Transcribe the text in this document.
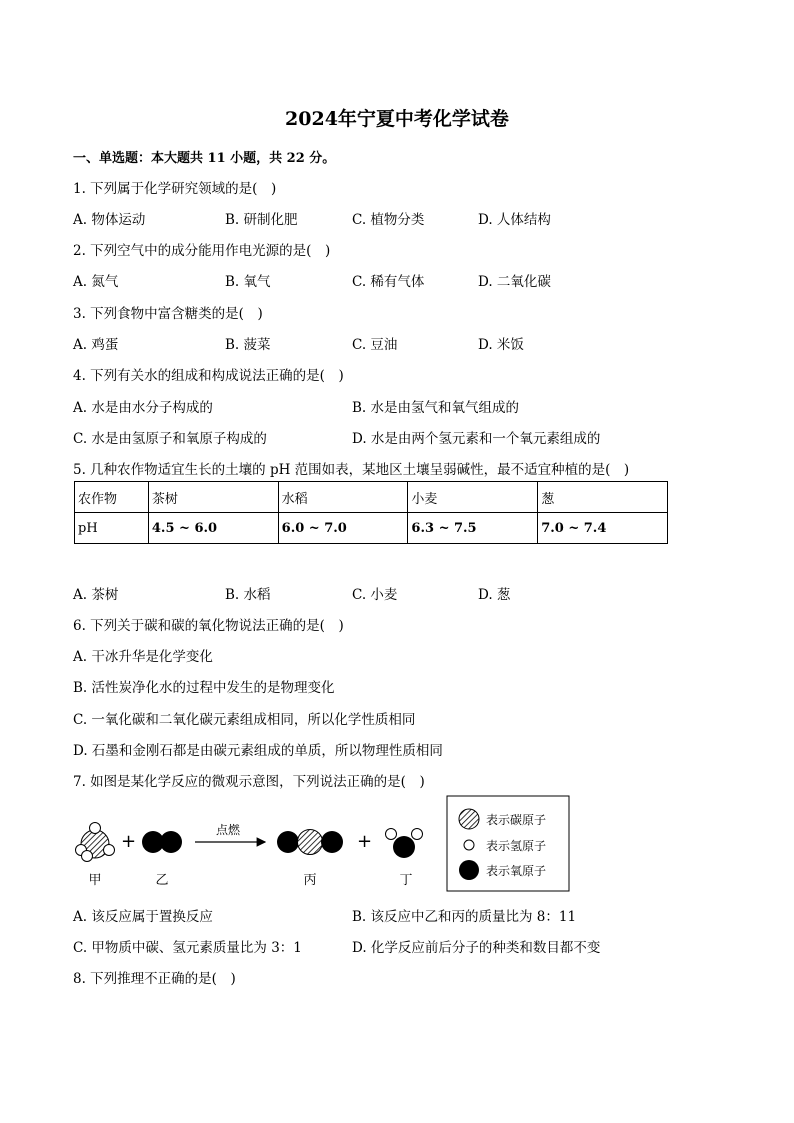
2024年宁夏中考化学试卷
一、单选题：本大题共 11 小题，共 22 分。
1. 下列属于化学研究领域的是(  )
A. 物体运动	B. 研制化肥	C. 植物分类	D. 人体结构
2. 下列空气中的成分能用作电光源的是(  )
A. 氮气	B. 氧气	C. 稀有气体	D. 二氧化碳
3. 下列食物中富含糖类的是(  )
A. 鸡蛋	B. 菠菜	C. 豆油	D. 米饭
4. 下列有关水的组成和构成说法正确的是(  )
A. 水是由水分子构成的	B. 水是由氢气和氧气组成的
C. 水是由氢原子和氧原子构成的	D. 水是由两个氢元素和一个氧元素组成的
5. 几种农作物适宜生长的土壤的 pH 范围如表，某地区土壤呈弱碱性，最不适宜种植的是(  )
农作物	茶树	水稻	小麦	葱
pH	4.5 ~ 6.0	6.0 ~ 7.0	6.3 ~ 7.5	7.0 ~ 7.4
A. 茶树	B. 水稻	C. 小麦	D. 葱
6. 下列关于碳和碳的氧化物说法正确的是(  )
A. 干冰升华是化学变化
B. 活性炭净化水的过程中发生的是物理变化
C. 一氧化碳和二氧化碳元素组成相同，所以化学性质相同
D. 石墨和金刚石都是由碳元素组成的单质，所以物理性质相同
7. 如图是某化学反应的微观示意图，下列说法正确的是(  )
+
点燃
+
甲	乙	丙	丁
表示碳原子
表示氢原子
表示氧原子
A. 该反应属于置换反应	B. 该反应中乙和丙的质量比为 8：11
C. 甲物质中碳、氢元素质量比为 3：1	D. 化学反应前后分子的种类和数目都不变
8. 下列推理不正确的是(  )
